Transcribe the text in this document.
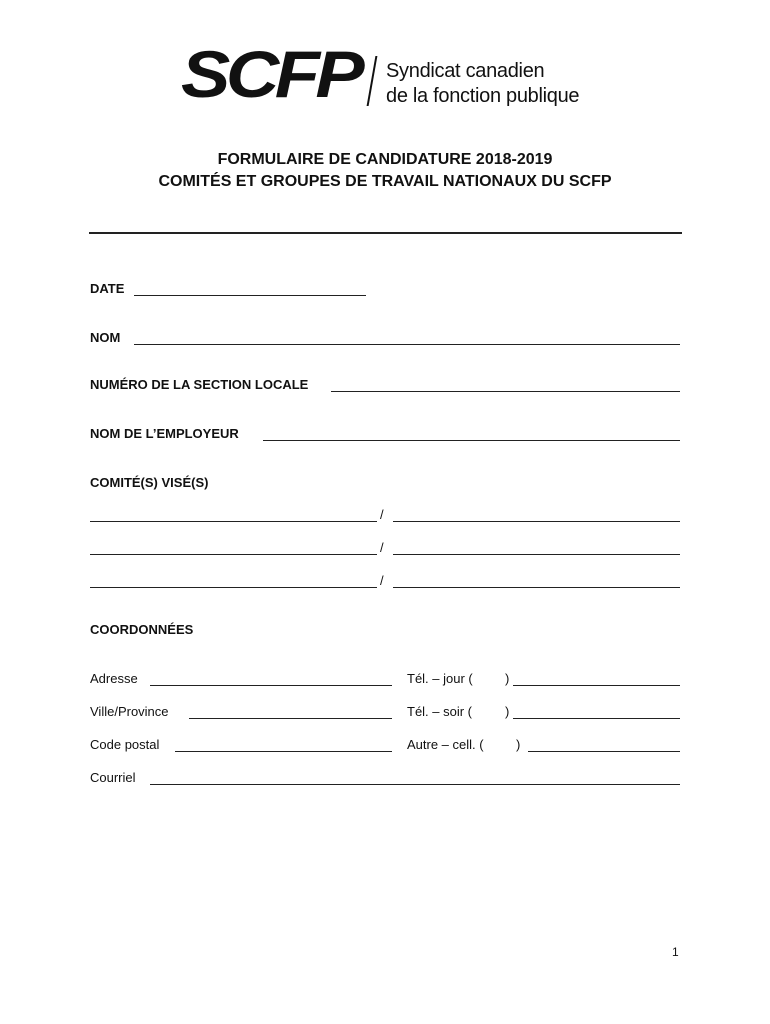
SCFP Syndicat canadien
de la fonction publique
FORMULAIRE DE CANDIDATURE 2018-2019
COMITÉS ET GROUPES DE TRAVAIL NATIONAUX DU SCFP
DATE
NOM
NUMÉRO DE LA SECTION LOCALE
NOM DE L’EMPLOYEUR
COMITÉ(S) VISÉ(S)
/
/
/
COORDONNÉES
Adresse	Tél. – jour ( )
Ville/Province	Tél. – soir (	)
Code postal	Autre – cell. ( )
Courriel
1
